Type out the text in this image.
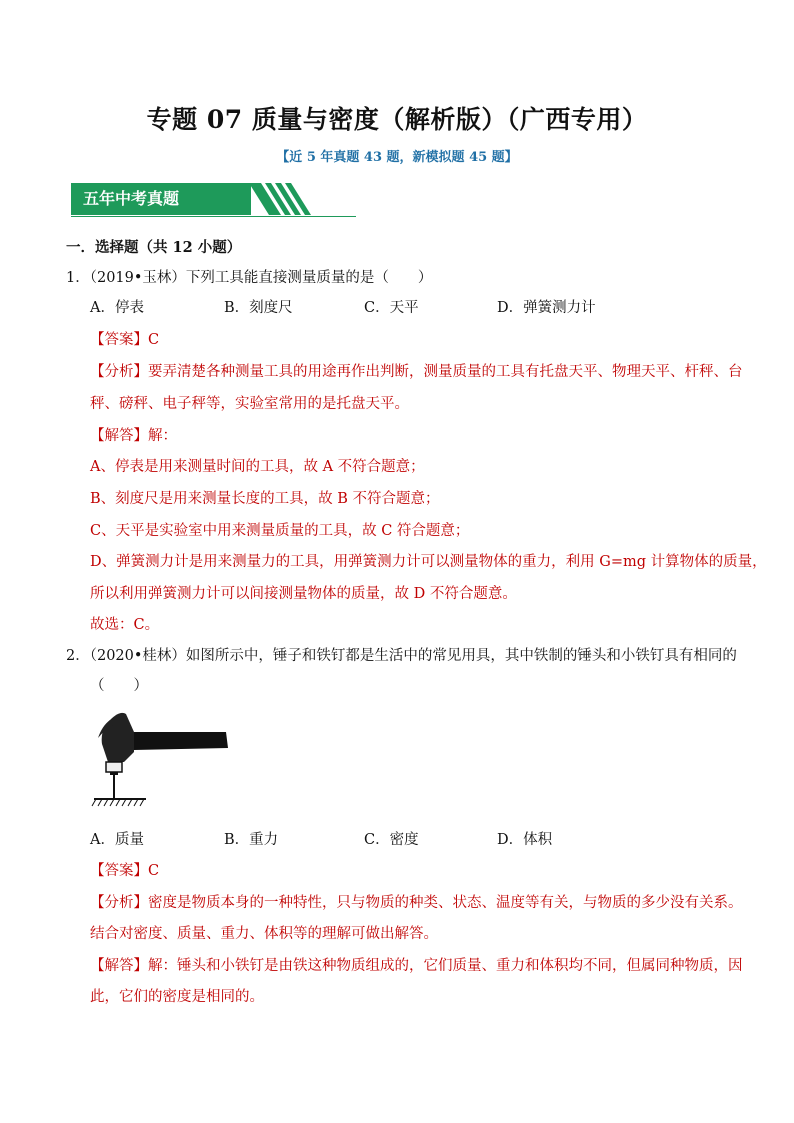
专题 07 质量与密度（解析版）（广西专用）
【近 5 年真题 43 题，新模拟题 45 题】
五年中考真题
一．选择题（共 12 小题）
1．（2019•玉林）下列工具能直接测量质量的是（　　）
A．停表	B．刻度尺	C．天平	D．弹簧测力计
【答案】C
【分析】要弄清楚各种测量工具的用途再作出判断，测量质量的工具有托盘天平、物理天平、杆秤、台
秤、磅秤、电子秤等，实验室常用的是托盘天平。
【解答】解：
A、停表是用来测量时间的工具，故 A 不符合题意；
B、刻度尺是用来测量长度的工具，故 B 不符合题意；
C、天平是实验室中用来测量质量的工具，故 C 符合题意；
D、弹簧测力计是用来测量力的工具，用弹簧测力计可以测量物体的重力，利用 G=mg 计算物体的质量，
所以利用弹簧测力计可以间接测量物体的质量，故 D 不符合题意。
故选：C。
2．（2020•桂林）如图所示中，锤子和铁钉都是生活中的常见用具，其中铁制的锤头和小铁钉具有相同的
（　　）
A．质量	B．重力	C．密度	D．体积
【答案】C
【分析】密度是物质本身的一种特性，只与物质的种类、状态、温度等有关，与物质的多少没有关系。
结合对密度、质量、重力、体积等的理解可做出解答。
【解答】解：锤头和小铁钉是由铁这种物质组成的，它们质量、重力和体积均不同，但属同种物质，因
此，它们的密度是相同的。
